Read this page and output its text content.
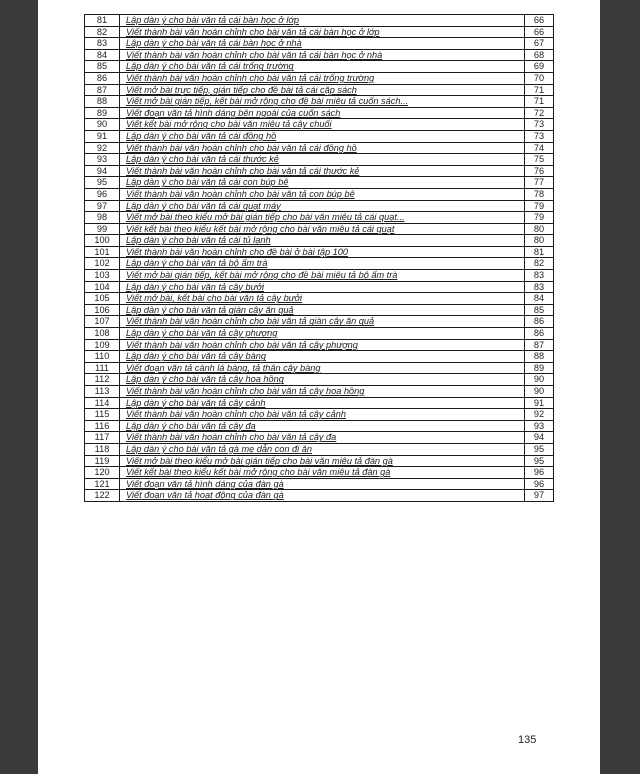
81	Lập dàn ý cho bài văn tả cái bàn học ở lớp	66
82	Viết thành bài văn hoàn chỉnh cho bài văn tả cái bàn học ở lớp	66
83	Lập dàn ý cho bài văn tả cái bàn học ở nhà	67
84	Viết thành bài văn hoàn chỉnh cho bài văn tả cái bàn học ở nhà	68
85	Lập dàn ý cho bài văn tả cái trống trường	69
86	Viết thành bài văn hoàn chỉnh cho bài văn tả cái trống trường	70
87	Viết mở bài trực tiếp, gián tiếp cho đề bài tả cái cặp sách	71
88	Viết mở bài gián tiếp, kết bài mở rộng cho đề bài miêu tả cuốn sách...	71
89	Viết đoạn văn tả hình dáng bên ngoài của cuốn sách	72
90	Viết kết bài mở rộng cho bài văn miêu tả cây chuối	73
91	Lập dàn ý cho bài văn tả cái đồng hồ	73
92	Viết thành bài văn hoàn chỉnh cho bài văn tả cái đồng hồ	74
93	Lập dàn ý cho bài văn tả cái thước kẻ	75
94	Viết thành bài văn hoàn chỉnh cho bài văn tả cái thước kẻ	76
95	Lập dàn ý cho bài văn tả cái con búp bê	77
96	Viết thành bài văn hoàn chỉnh cho bài văn tả con búp bê	78
97	Lập dàn ý cho bài văn tả cái quạt máy	79
98	Viết mở bài theo kiểu mở bài gián tiếp cho bài văn miêu tả cái quạt...	79
99	Viết kết bài theo kiểu kết bài mở rộng cho bài văn miêu tả cái quạt	80
100	Lập dàn ý cho bài văn tả cái tủ lạnh	80
101	Viết thành bài văn hoàn chỉnh cho đề bài ở bài tập 100	81
102	Lập dàn ý cho bài văn tả bộ ấm trà	82
103	Viết mở bài gián tiếp, kết bài mở rộng cho đề bài miêu tả bộ ấm trà	83
104	Lập dàn ý cho bài văn tả cây bưởi	83
105	Viết mở bài, kết bài cho bài văn tả cây bưởi	84
106	Lập dàn ý cho bài văn tả giàn cây ăn quả	85
107	Viết thành bài văn hoàn chỉnh cho bài văn tả giàn cây ăn quả	86
108	Lập dàn ý cho bài văn tả cây phượng	86
109	Viết thành bài văn hoàn chỉnh cho bài văn tả cây phượng	87
110	Lập dàn ý cho bài văn tả cây bàng	88
111	Viết đoạn văn tả cành lá bàng, tả thân cây bàng	89
112	Lập dàn ý cho bài văn tả cây hoa hồng	90
113	Viết thành bài văn hoàn chỉnh cho bài văn tả cây hoa hồng	90
114	Lập dàn ý cho bài văn tả cây cảnh	91
115	Viết thành bài văn hoàn chỉnh cho bài văn tả cây cảnh	92
116	Lập dàn ý cho bài văn tả cây đa	93
117	Viết thành bài văn hoàn chỉnh cho bài văn tả cây đa	94
118	Lập dàn ý cho bài văn tả gà mẹ dẫn con đi ăn	95
119	Viết mở bài theo kiểu mở bài gián tiếp cho bài văn miêu tả đàn gà	95
120	Viết kết bài theo kiểu kết bài mở rộng cho bài văn miêu tả đàn gà	96
121	Viết đoạn văn tả hình dáng của đàn gà	96
122	Viết đoạn văn tả hoạt động của đàn gà	97
135
